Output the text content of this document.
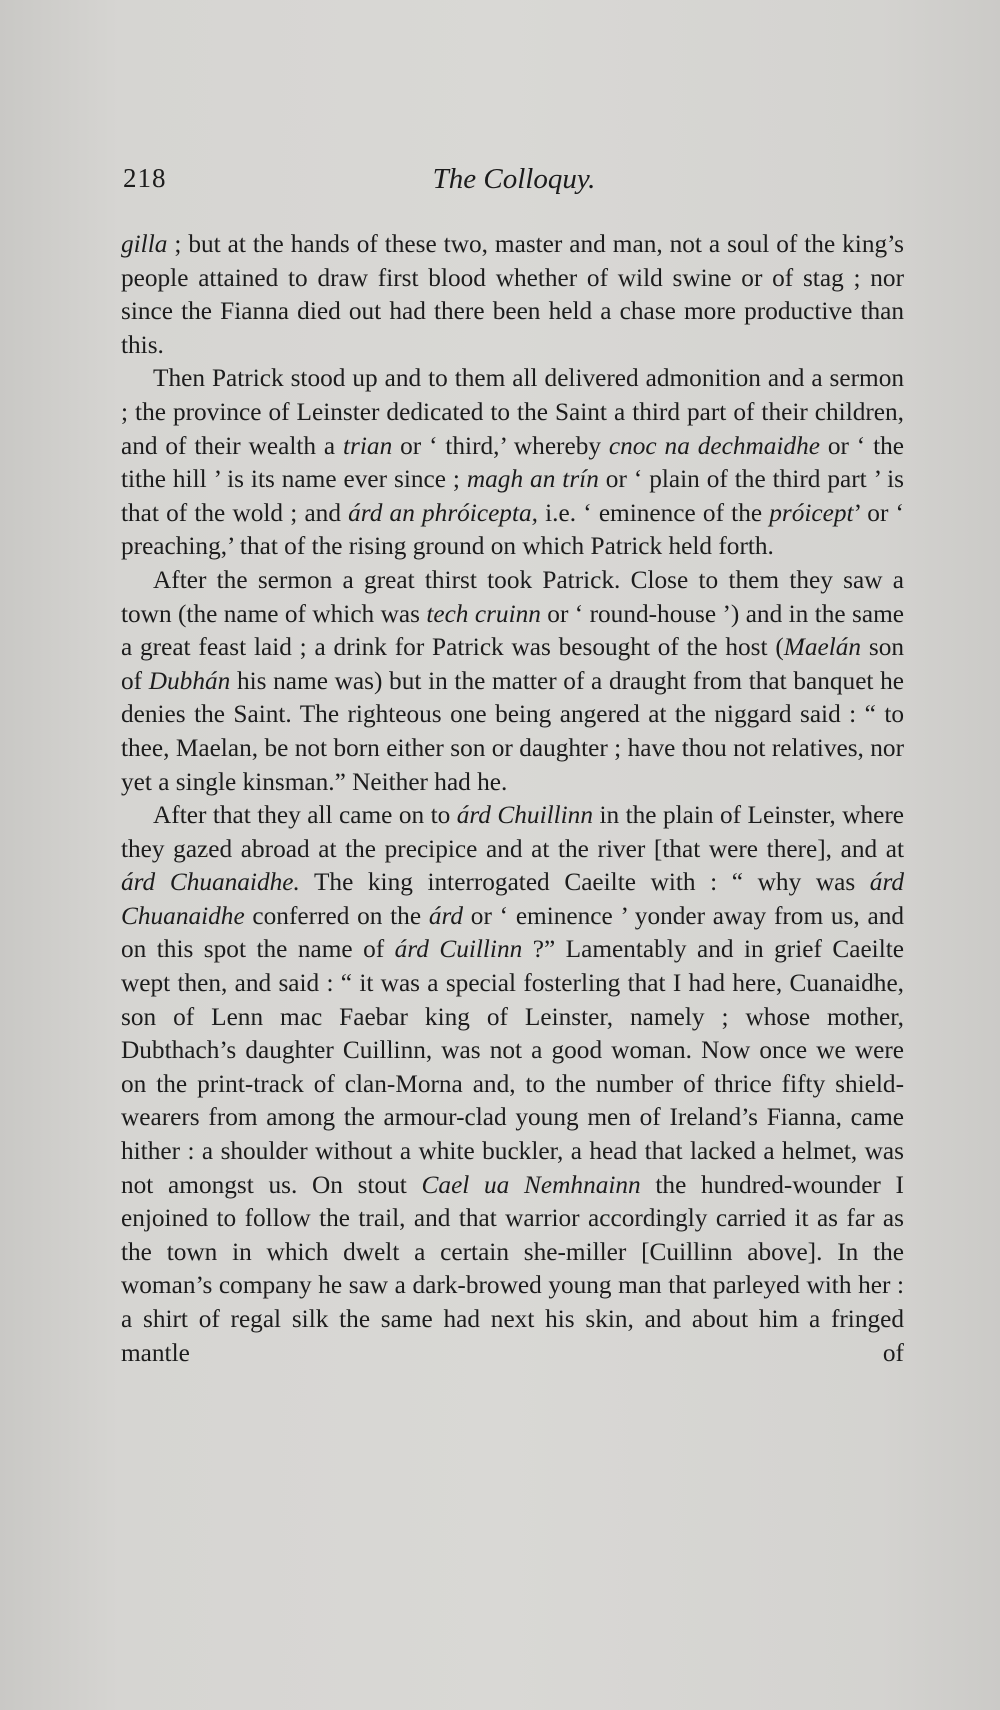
218	The Colloquy.

gilla ; but at the hands of these two, master and man, not a soul of the king’s people attained to draw first blood whether of wild swine or of stag ; nor since the Fianna died out had there been held a chase more productive than this.

Then Patrick stood up and to them all delivered admonition and a sermon ; the province of Leinster dedicated to the Saint a third part of their children, and of their wealth a trian or ‘ third,’ whereby cnoc na dechmaidhe or ‘ the tithe hill ’ is its name ever since ; magh an trín or ‘ plain of the third part ’ is that of the wold ; and árd an phróicepta, i.e. ‘ eminence of the próicept’ or ‘ preaching,’ that of the rising ground on which Patrick held forth.

After the sermon a great thirst took Patrick. Close to them they saw a town (the name of which was tech cruinn or ‘ round-house ’) and in the same a great feast laid ; a drink for Patrick was besought of the host (Maelán son of Dubhán his name was) but in the matter of a draught from that banquet he denies the Saint. The righteous one being angered at the niggard said : “ to thee, Maelan, be not born either son or daughter ; have thou not relatives, nor yet a single kinsman.” Neither had he.

After that they all came on to árd Chuillinn in the plain of Leinster, where they gazed abroad at the precipice and at the river [that were there], and at árd Chuanaidhe. The king interrogated Caeilte with : “ why was árd Chuanaidhe conferred on the árd or ‘ eminence ’ yonder away from us, and on this spot the name of árd Cuillinn ?” Lamentably and in grief Caeilte wept then, and said : “ it was a special fosterling that I had here, Cuanaidhe, son of Lenn mac Faebar king of Leinster, namely ; whose mother, Dubthach’s daughter Cuillinn, was not a good woman. Now once we were on the print-track of clan-Morna and, to the number of thrice fifty shield-wearers from among the armour-clad young men of Ireland’s Fianna, came hither : a shoulder without a white buckler, a head that lacked a helmet, was not amongst us. On stout Cael ua Nemhnainn the hundred-wounder I enjoined to follow the trail, and that warrior accordingly carried it as far as the town in which dwelt a certain she-miller [Cuillinn above]. In the woman’s company he saw a dark-browed young man that parleyed with her : a shirt of regal silk the same had next his skin, and about him a fringed mantle of
